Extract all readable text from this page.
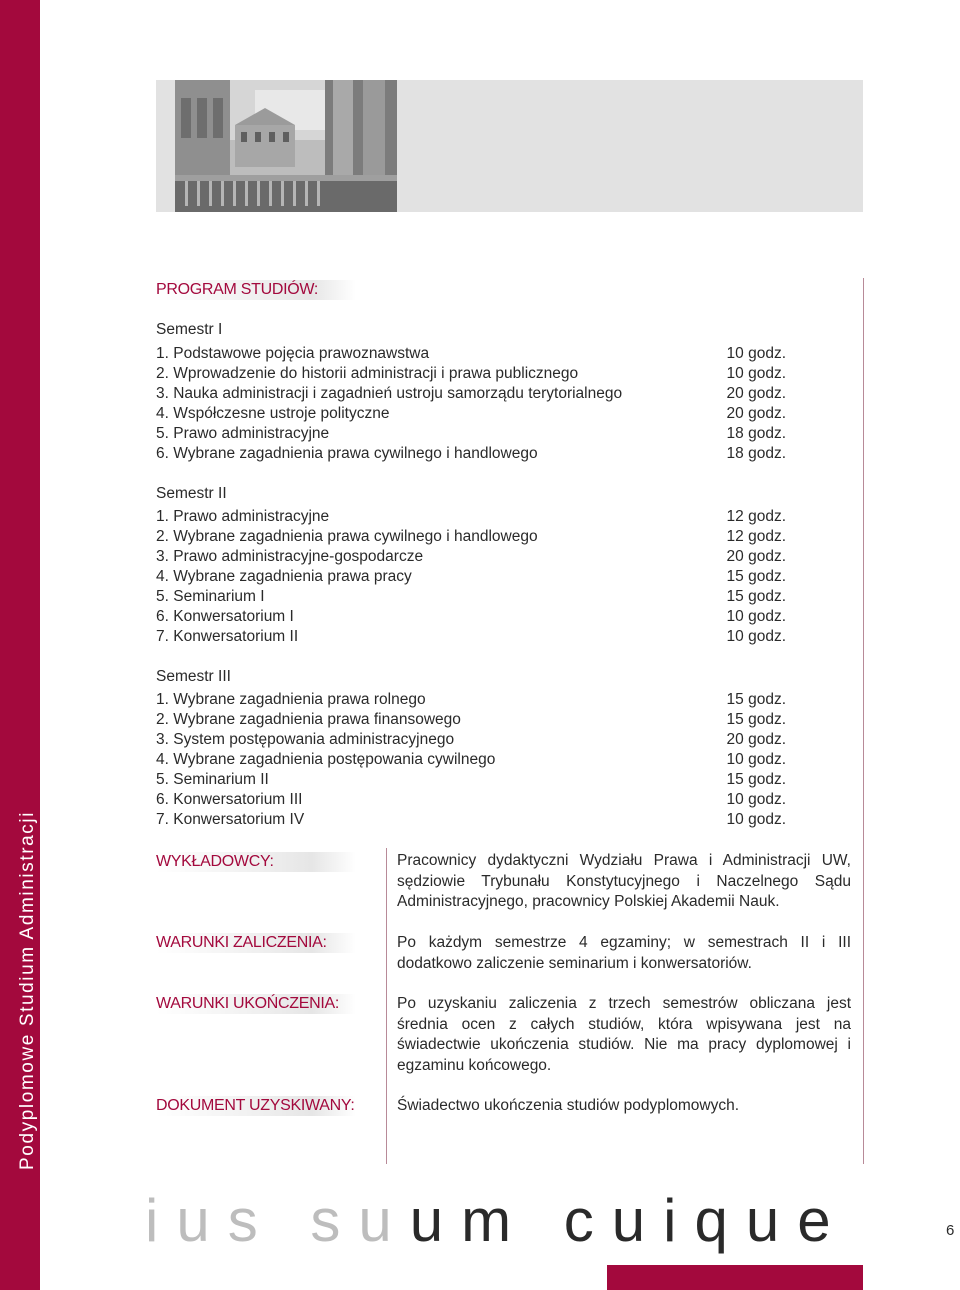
Podyplomowe Studium Administracji
PROGRAM STUDIÓW:
Semestr I
1. Podstawowe pojęcia prawoznawstwa	10 godz.
2. Wprowadzenie do historii administracji i prawa publicznego	10 godz.
3. Nauka administracji i zagadnień ustroju samorządu terytorialnego	20 godz.
4. Współczesne ustroje polityczne	20 godz.
5. Prawo administracyjne	18 godz.
6. Wybrane zagadnienia prawa cywilnego i handlowego	18 godz.
Semestr II
1. Prawo administracyjne	12 godz.
2. Wybrane zagadnienia prawa cywilnego i handlowego	12 godz.
3. Prawo administracyjne-gospodarcze	20 godz.
4. Wybrane zagadnienia prawa pracy	15 godz.
5. Seminarium I	15 godz.
6. Konwersatorium I	10 godz.
7. Konwersatorium II	10 godz.
Semestr III
1. Wybrane zagadnienia prawa rolnego	15 godz.
2. Wybrane zagadnienia prawa finansowego	15 godz.
3. System postępowania administracyjnego	20 godz.
4. Wybrane zagadnienia postępowania cywilnego	10 godz.
5. Seminarium II	15 godz.
6. Konwersatorium III	10 godz.
7. Konwersatorium IV	10 godz.
WYKŁADOWCY:	Pracownicy dydaktyczni Wydziału Prawa i Administracji UW, sędziowie Trybunału Konstytucyjnego i Naczelnego Sądu Administracyjnego, pracownicy Polskiej Akademii Nauk.
WARUNKI ZALICZENIA:	Po każdym semestrze 4 egzaminy; w semestrach II i III dodatkowo zaliczenie seminarium i konwersatoriów.
WARUNKI UKOŃCZENIA:	Po uzyskaniu zaliczenia z trzech semestrów obliczana jest średnia ocen z całych studiów, która wpisywana jest na świadectwie ukończenia studiów. Nie ma pracy dyplomowej i egzaminu końcowego.
DOKUMENT UZYSKIWANY:	Świadectwo ukończenia studiów podyplomowych.
ius suum cuique	6
